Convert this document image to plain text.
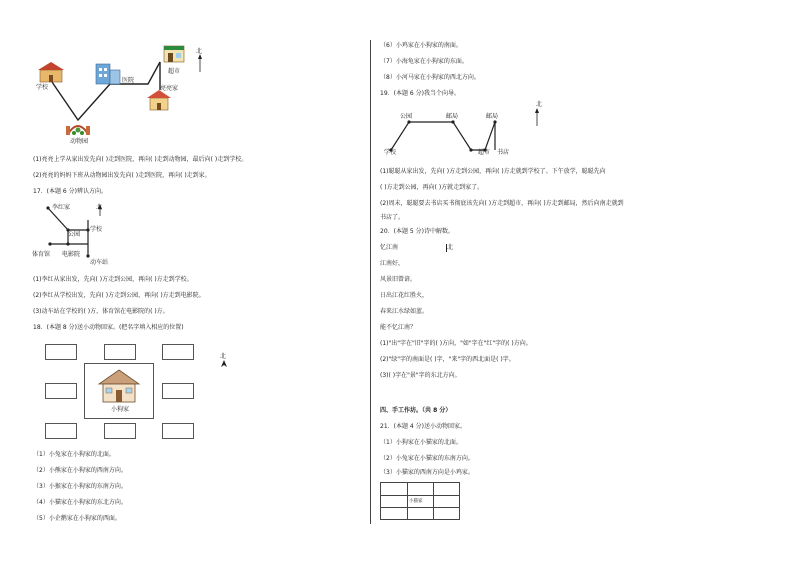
学校
医院
超市
亮亮家
动物园
北
(1)亮亮上学从家出发先向( )走到医院，再向( )走到动物园，最后向( )走到学校。
(2)亮亮的妈妈下班从动物园出发先向( )走到医院，再向( )走到家。
17．(本题 6 分)辨认方向。
李红家	北
学校
公园
体育馆 电影院
动车站
(1)李红从家出发，先向( )方走到公园，再向( )方走到学校。
(2)李红从学校出发，先向( )方走到公园，再向( )方走到电影院。
(3)动车站在学校的( )方，体育馆在电影院的( )方。
18．(本题 8 分)送小动物回家。(把名字填入相应的位置)
小狗家
北
（1）小兔家在小狗家的北面。
（2）小熊家在小狗家的西南方向。
（3）小猴家在小狗家的东南方向。
（4）小猫家在小狗家的东北方向。
（5）小企鹅家在小狗家的西面。
（6）小鸡家在小狗家的南面。
（7）小海龟家在小狗家的东面。
（8）小河马家在小狗家的西北方向。
19．(本题 6 分)我当个向导。
公园	邮局	邮局
学校	超市 书店
北
(1)聪聪从家出发，先向( )方走到公园，再向( )方走就到学校了。下午放学，聪聪先向
( )方走到公园，再向( )方就走到家了。
(2)周末，聪聪要去书店买书彻底该先向( )方走到超市，再向( )方走到邮局，然后向南走就到
书店了。
20．(本题 5 分)诗中解数。
忆江南	北
江南好，
风景旧曾谙。
日出江花红胜火，
春来江水绿如蓝。
能不忆江南？
(1)"出"字在"旧"字的( )方向，"如"字在"红"字的( )方向。
(2)"绿"字的南面是( )字，"来"字的西北面是( )字。
(3)( )字在"景"字的东北方向。
四、手工作坊。（共 8 分）
21．(本题 4 分)送小动物回家。
（1）小狗家在小猫家的北面。
（2）小兔家在小猫家的东南方向。
（3）小猫家的西南方向是小鸡家。
小猫家
